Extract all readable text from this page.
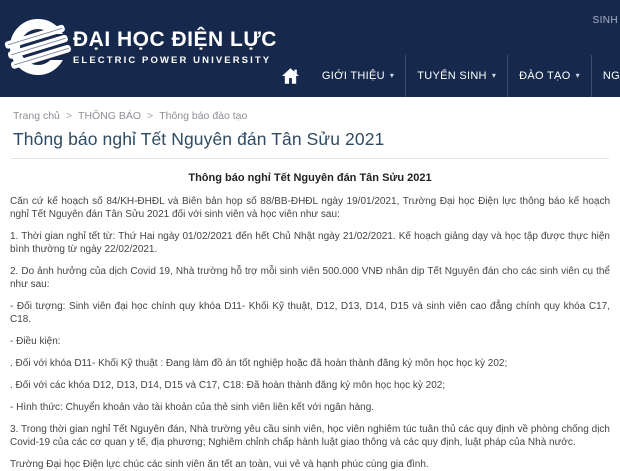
ĐẠI HỌC ĐIỆN LỰC
ELECTRIC POWER UNIVERSITY
SINH
GIỚI THIỆU ▾ TUYỂN SINH ▾ ĐÀO TẠO ▾ NG
Trang chủ > THÔNG BÁO > Thông báo đào tạo
Thông báo nghỉ Tết Nguyên đán Tân Sửu 2021
Thông báo nghỉ Tết Nguyên đán Tân Sửu 2021

Căn cứ kế hoạch số 84/KH-ĐHĐL và Biên bản họp số 88/BB-ĐHĐL ngày 19/01/2021, Trường Đại học Điện lực thông báo kế hoạch nghỉ Tết Nguyên đán Tân Sửu 2021 đối với sinh viên và học viên như sau:

1. Thời gian nghỉ tết từ: Thứ Hai ngày 01/02/2021 đến hết Chủ Nhật ngày 21/02/2021. Kế hoạch giảng dạy và học tập được thực hiện bình thường từ ngày 22/02/2021.

2. Do ảnh hưởng của dịch Covid 19, Nhà trường hỗ trợ mỗi sinh viên 500.000 VNĐ nhân dịp Tết Nguyên đán cho các sinh viên cụ thể như sau:

- Đối tượng: Sinh viên đại học chính quy khóa D11- Khối Kỹ thuật, D12, D13, D14, D15 và sinh viên cao đẳng chính quy khóa C17, C18.

- Điều kiện:

. Đối với khóa D11- Khối Kỹ thuật : Đang làm đồ án tốt nghiệp hoặc đã hoàn thành đăng ký môn học học kỳ 202;

. Đối với các khóa D12, D13, D14, D15 và C17, C18: Đã hoàn thành đăng ký môn học học kỳ 202;

- Hình thức: Chuyển khoản vào tài khoản của thẻ sinh viên liên kết với ngân hàng.

3. Trong thời gian nghỉ Tết Nguyên đán, Nhà trường yêu cầu sinh viên, học viên nghiêm túc tuân thủ các quy định về phòng chống dịch Covid-19 của các cơ quan y tế, địa phương; Nghiêm chỉnh chấp hành luật giao thông và các quy định, luật pháp của Nhà nước.

Trường Đại học Điện lực chúc các sinh viên ăn tết an toàn, vui vẻ và hạnh phúc cùng gia đình.
